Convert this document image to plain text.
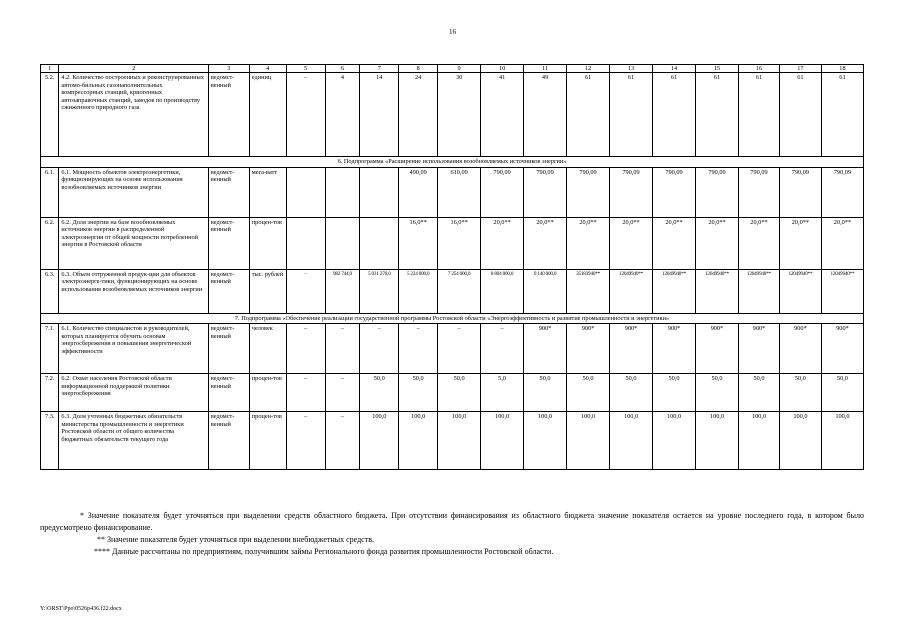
16
1	2	3	4	5	6	7	8	9	10	11	12	13	14	15	16	17	18
5.2.	4.2. Количество построенных и реконструированных автомо-бильных газонаполнительных компрессорных станций, криогенных автозаправочных станций, заводов по производству сжиженного природного газа	ведомст-венный	единиц	–	4	14	24	30	41	49	61	61	61	61	61	61	61
6. Подпрограмма «Расширение использования возобновляемых источников энергии»																	
6.1.	6.1. Мощность объектов электроэнергетики, функционирующих на основе использования возобновляемых источников энергии	ведомст-венный	мега-ватт				490,09	610,09	790,09	790,09	790,09	790,09	790,09	790,09	790,09	790,09	790,09
6.2.	6.2. Доля энергии на базе возобновляемых источников энергии в распределенной электроэнергии от общей мощности потребленной энергии в Ростовской области	ведомст-венный	процен-тов				16,0**	16,0**	20,0**	20,0**	20,0**	20,0**	20,0**	20,0**	20,0**	20,0**	20,0**
6.3.	6.3. Объем отгруженной продук-ции для объектов электроэнерге-тики, функционирующих на основе использования возобновляемых источников энергии	ведомст-венный	тыс. рублей	–	982 744,0	5 031 270,0	5 224 000,0	7 254 000,0	8 804 000,0	9 140 000,0	35183940**	12049940**	12049940**	12049940**	12049940**	12049940**	12049940**
7. Подпрограмма «Обеспечение реализации государственной программы Ростовской области «Энергоэффективность и развитие промышленности и энергетики»																	
7.1.	6.1. Количество специалистов и руководителей, которых планируется обучить основам энергосбережения и повышения энергетической эффективности	ведомст-венный	человек	–	–	–	–	–	–	900*	900*	900*	900*	900*	900*	900*	900*
7.2.	6.2. Охват населения Ростовской области информационной поддержкой политики энергосбережения	ведомст-венный	процен-тов	–	–	50,0	50,0	50,0	5,0	50,0	50,0	50,0	50,0	50,0	50,0	50,0	50,0
7.3.	6.3. Доля учтенных бюджетных обязательств министерства промышленности и энергетики Ростовской области от общего количества бюджетных обязательств текущего года	ведомст-венный	процен-тов	–	–	100,0	100,0	100,0	100,0	100,0	100,0	100,0	100,0	100,0	100,0	100,0	100,0

* Значение показателя будет уточняться при выделении средств областного бюджета. При отсутствии финансирования из областного бюджета значение показателя остается на уровне последнего года, в котором было предусмотрено финансирование.

** Значение показателя будет уточняться при выделении внебюджетных средств.

**** Данные рассчитаны по предприятиям, получившим займы Регионального фонда развития промышленности Ростовской области.

Y:\ORST\Ppo\0526p436.f22.docx
